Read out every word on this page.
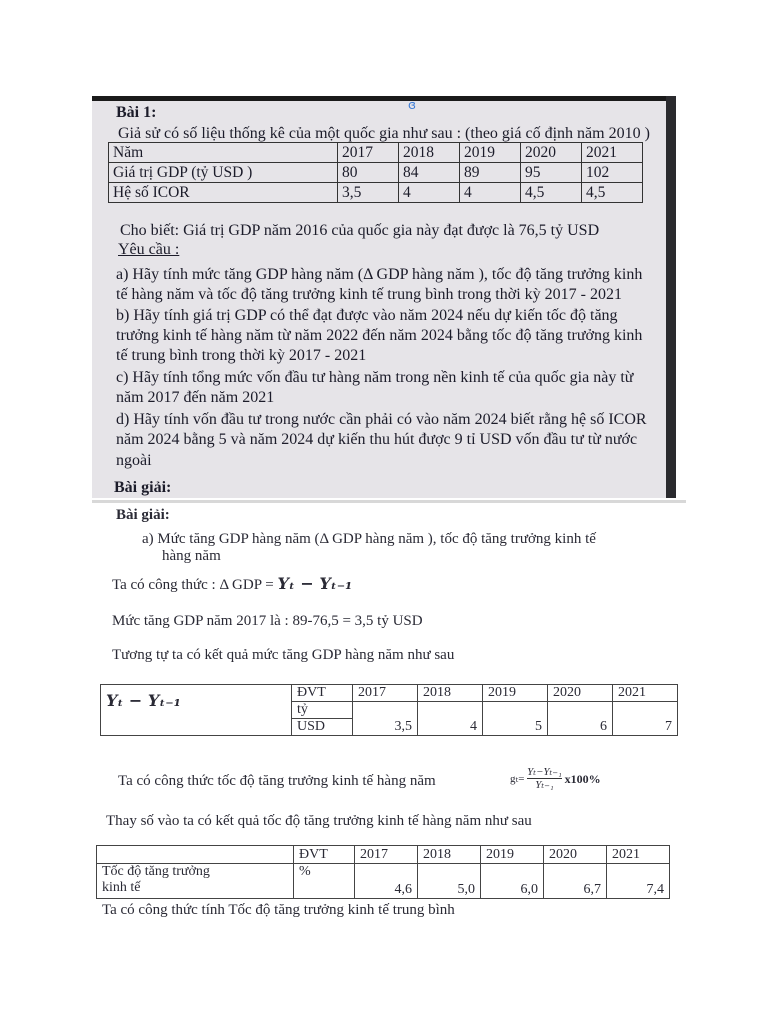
ɞ
Bài 1:
Giả sử có số liệu thống kê của một quốc gia như sau : (theo giá cố định năm 2010 )
Năm	2017	2018	2019	2020	2021
Giá trị GDP (tỷ USD )	80	84	89	95	102
Hệ số ICOR	3,5	4	4	4,5	4,5
Cho biết: Giá trị GDP năm 2016 của quốc gia này đạt được là 76,5 tỷ USD
Yêu cầu :
a) Hãy tính mức tăng GDP hàng năm (Δ GDP hàng năm ), tốc độ tăng trưởng kinh
tế hàng năm và tốc độ tăng trưởng kinh tế trung bình trong thời kỳ 2017 - 2021
b) Hãy tính giá trị GDP có thể đạt được vào năm 2024 nếu dự kiến tốc độ tăng
trưởng kinh tế hàng năm từ năm 2022 đến năm 2024 bằng tốc độ tăng trưởng kinh
tế trung bình trong thời kỳ 2017 - 2021
c) Hãy tính tổng mức vốn đầu tư hàng năm trong nền kinh tế của quốc gia này từ
năm 2017 đến năm 2021
d) Hãy tính vốn đầu tư trong nước cần phải có vào năm 2024 biết rằng hệ số ICOR
năm 2024 bằng 5 và năm 2024 dự kiến thu hút được 9 tỉ USD vốn đầu tư từ nước
ngoài
Bài giải:
Bài giải:
a) Mức tăng GDP hàng năm (Δ GDP hàng năm ), tốc độ tăng trưởng kinh tế
hàng năm
Ta có công thức : Δ GDP = Yₜ − Yₜ₋₁
Mức tăng GDP năm 2017 là : 89-76,5 = 3,5 tỷ USD
Tương tự ta có kết quả mức tăng GDP hàng năm như sau
Yₜ − Yₜ₋₁	ĐVT	2017	2018	2019	2020	2021
	tỷ	3,5	4	5	6	7
	USD					
Ta có công thức tốc độ tăng trưởng kinh tế hàng năm	$g_t= \frac{\text{Yₜ−Yₜ₋₁}}{\text{Yₜ₋₁}} x100\%$
Thay số vào ta có kết quả tốc độ tăng trưởng kinh tế hàng năm như sau
	ĐVT	2017	2018	2019	2020	2021

Tốc độ tăng trưởng
kinh tế	%	4,6	5,0	6,0	6,7	7,4
Ta có công thức tính Tốc độ tăng trưởng kinh tế trung bình
